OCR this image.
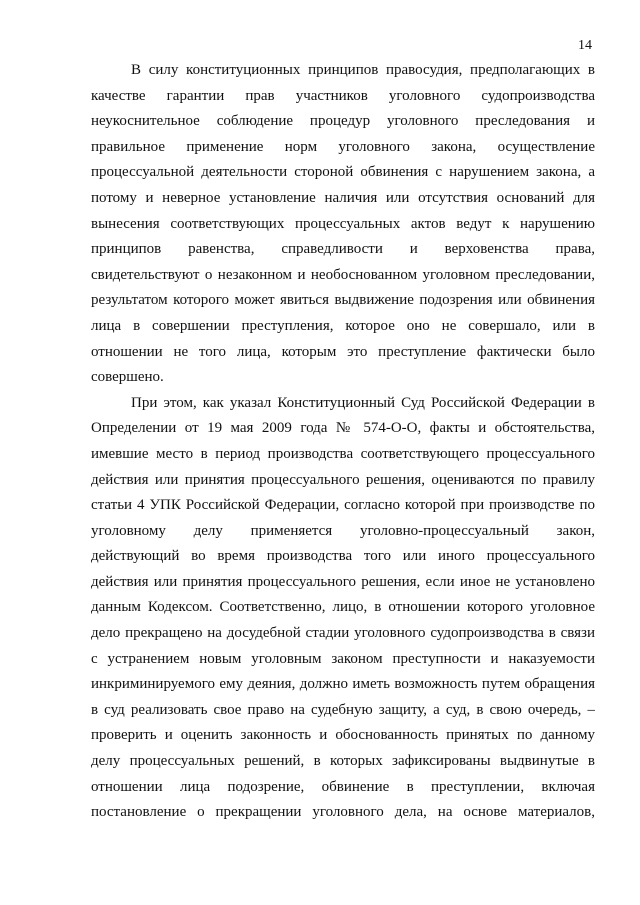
14
В силу конституционных принципов правосудия, предполагающих в
качестве гарантии прав участников уголовного судопроизводства
неукоснительное соблюдение процедур уголовного преследования и
правильное применение норм уголовного закона, осуществление
процессуальной деятельности стороной обвинения с нарушением закона, а
потому и неверное установление наличия или отсутствия оснований для
вынесения соответствующих процессуальных актов ведут к нарушению
принципов равенства, справедливости и верховенства права,
свидетельствуют о незаконном и необоснованном уголовном преследовании,
результатом которого может явиться выдвижение подозрения или обвинения
лица в совершении преступления, которое оно не совершало, или в
отношении не того лица, которым это преступление фактически было
совершено.
При этом, как указал Конституционный Суд Российской Федерации в
Определении от 19 мая 2009 года № 574-О-О, факты и обстоятельства,
имевшие место в период производства соответствующего процессуального
действия или принятия процессуального решения, оцениваются по правилу
статьи 4 УПК Российской Федерации, согласно которой при производстве по
уголовному делу применяется уголовно-процессуальный закон,
действующий во время производства того или иного процессуального
действия или принятия процессуального решения, если иное не установлено
данным Кодексом. Соответственно, лицо, в отношении которого уголовное
дело прекращено на досудебной стадии уголовного судопроизводства в связи
с устранением новым уголовным законом преступности и наказуемости
инкриминируемого ему деяния, должно иметь возможность путем обращения
в суд реализовать свое право на судебную защиту, а суд, в свою очередь, –
проверить и оценить законность и обоснованность принятых по данному
делу процессуальных решений, в которых зафиксированы выдвинутые в
отношении лица подозрение, обвинение в преступлении, включая
постановление о прекращении уголовного дела, на основе материалов,
